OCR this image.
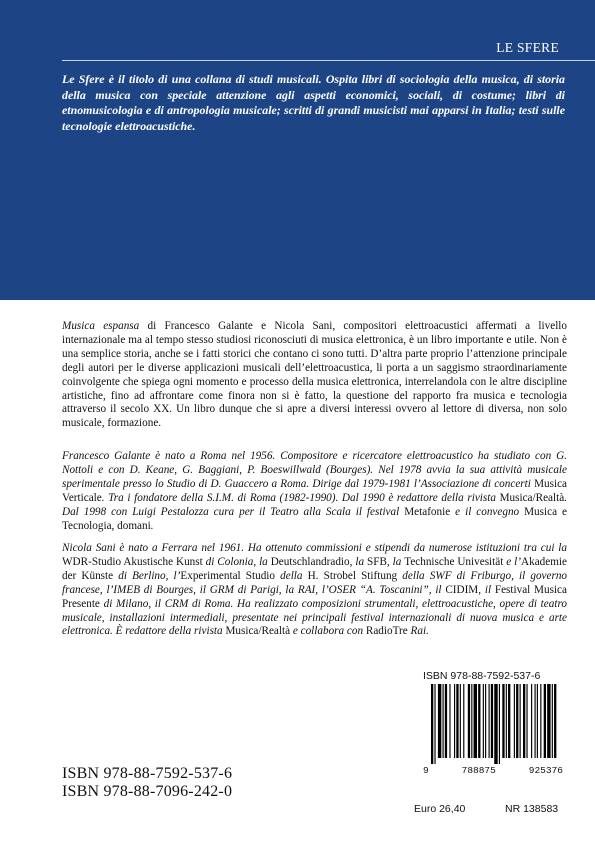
LE SFERE
Le Sfere è il titolo di una collana di studi musicali. Ospita libri di sociologia della musica, di storia della musica con speciale attenzione agli aspetti economici, sociali, di costume; libri di etnomusicologia e di antropologia musicale; scritti di grandi musicisti mai apparsi in Italia; testi sulle tecnologie elettroacustiche.
Musica espansa di Francesco Galante e Nicola Sani, compositori elettroacustici affermati a livello internazionale ma al tempo stesso studiosi riconosciuti di musica elettronica, è un libro importante e utile. Non è una semplice storia, anche se i fatti storici che contano ci sono tutti. D’altra parte proprio l’attenzione principale degli autori per le diverse applicazioni musicali dell’elettroacustica, li porta a un saggismo straordinariamente coinvolgente che spiega ogni momento e processo della musica elettronica, interrelandola con le altre discipline artistiche, fino ad affrontare come finora non si è fatto, la questione del rapporto fra musica e tecnologia attraverso il secolo XX. Un libro dunque che si apre a diversi interessi ovvero al lettore di diversa, non solo musicale, formazione.
Francesco Galante è nato a Roma nel 1956. Compositore e ricercatore elettroacustico ha studiato con G. Nottoli e con D. Keane, G. Baggiani, P. Boeswillwald (Bourges). Nel 1978 avvia la sua attività musicale sperimentale presso lo Studio di D. Guaccero a Roma. Dirige dal 1979-1981 l’Associazione di concerti Musica Verticale. Tra i fondatore della S.I.M. di Roma (1982-1990). Dal 1990 è redattore della rivista Musica/Realtà. Dal 1998 con Luigi Pestalozza cura per il Teatro alla Scala il festival Metafonie e il convegno Musica e Tecnologia, domani.
Nicola Sani è nato a Ferrara nel 1961. Ha ottenuto commissioni e stipendi da numerose istituzioni tra cui la WDR-Studio Akustische Kunst di Colonia, la Deutschlandradio, la SFB, la Technische Univesität e l’Akademie der Künste di Berlino, l’Experimental Studio della H. Strobel Stiftung della SWF di Friburgo, il governo francese, l’IMEB di Bourges, il GRM di Parigi, la RAI, l’OSER “A. Toscanini”, il CIDIM, il Festival Musica Presente di Milano, il CRM di Roma. Ha realizzato composizioni strumentali, elettroacustiche, opere di teatro musicale, installazioni intermediali, presentate nei principali festival internazionali di nuova musica e arte elettronica. È redattore della rivista Musica/Realtà e collabora con RadioTre Rai.
ISBN 978-88-7592-537-6
9	788875	925376
Euro 26,40	NR 138583
ISBN 978-88-7592-537-6
ISBN 978-88-7096-242-0
